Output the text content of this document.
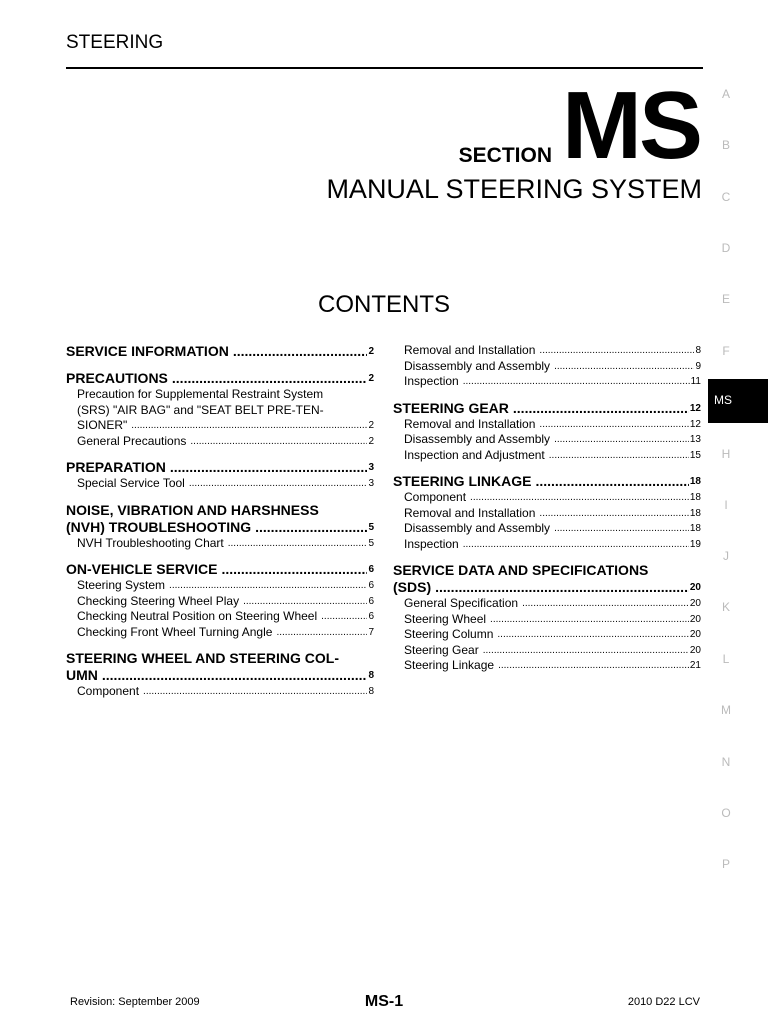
STEERING
MS
SECTION
MANUAL STEERING SYSTEM
CONTENTS
SERVICE INFORMATION .....	2
PRECAUTIONS .....	2
Precaution for Supplemental Restraint System
(SRS) "AIR BAG" and "SEAT BELT PRE-TEN-
SIONER" .....	2
General Precautions .....	2
PREPARATION .....	3
Special Service Tool .....	3
NOISE, VIBRATION AND HARSHNESS
(NVH) TROUBLESHOOTING .....	5
NVH Troubleshooting Chart .....	5
ON-VEHICLE SERVICE .....	6
Steering System .....	6
Checking Steering Wheel Play .....	6
Checking Neutral Position on Steering Wheel .....	6
Checking Front Wheel Turning Angle .....	7
STEERING WHEEL AND STEERING COL-
UMN .....	8
Component .....	8
Removal and Installation .....	8
Disassembly and Assembly .....	9
Inspection .....	11
STEERING GEAR .....	12
Removal and Installation .....	12
Disassembly and Assembly .....	13
Inspection and Adjustment .....	15
STEERING LINKAGE .....	18
Component .....	18
Removal and Installation .....	18
Disassembly and Assembly .....	18
Inspection .....	19
SERVICE DATA AND SPECIFICATIONS
(SDS) .....	20
General Specification .....	20
Steering Wheel .....	20
Steering Column .....	20
Steering Gear .....	20
Steering Linkage .....	21
MS
A
B
C
D
E
F
H
I
J
K
L
M
N
O
P
Revision: September 2009	MS-1	2010 D22 LCV
